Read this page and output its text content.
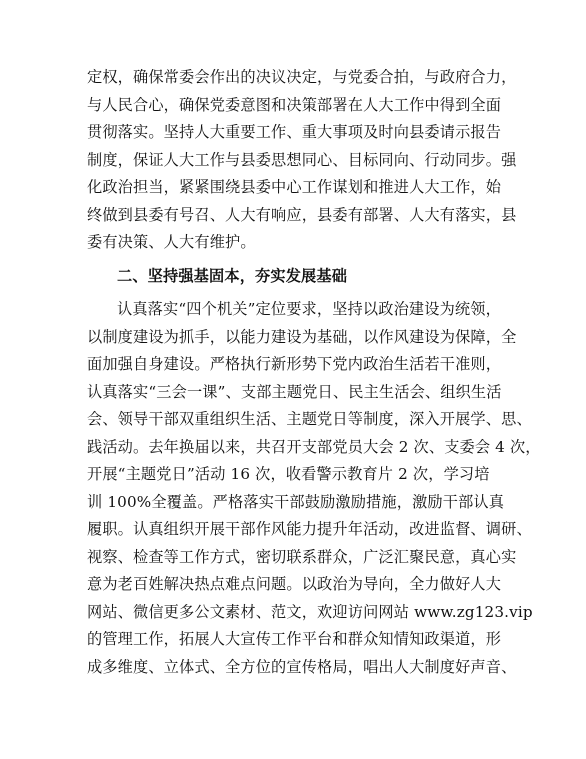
定权，确保常委会作出的决议决定，与党委合拍，与政府合力，
与人民合心，确保党委意图和决策部署在人大工作中得到全面
贯彻落实。坚持人大重要工作、重大事项及时向县委请示报告
制度，保证人大工作与县委思想同心、目标同向、行动同步。强
化政治担当，紧紧围绕县委中心工作谋划和推进人大工作，始
终做到县委有号召、人大有响应，县委有部署、人大有落实，县
委有决策、人大有维护。
二、坚持强基固本，夯实发展基础
认真落实“四个机关”定位要求，坚持以政治建设为统领，
以制度建设为抓手，以能力建设为基础，以作风建设为保障，全
面加强自身建设。严格执行新形势下党内政治生活若干准则，
认真落实“三会一课”、支部主题党日、民主生活会、组织生活
会、领导干部双重组织生活、主题党日等制度，深入开展学、思、
践活动。去年换届以来，共召开支部党员大会 2 次、支委会 4 次，
开展“主题党日”活动 16 次，收看警示教育片 2 次，学习培
训 100%全覆盖。严格落实干部鼓励激励措施，激励干部认真
履职。认真组织开展干部作风能力提升年活动，改进监督、调研、
视察、检查等工作方式，密切联系群众，广泛汇聚民意，真心实
意为老百姓解决热点难点问题。以政治为导向，全力做好人大
网站、微信更多公文素材、范文，欢迎访问网站 www.zg123.vip
的管理工作，拓展人大宣传工作平台和群众知情知政渠道，形
成多维度、立体式、全方位的宣传格局，唱出人大制度好声音、
